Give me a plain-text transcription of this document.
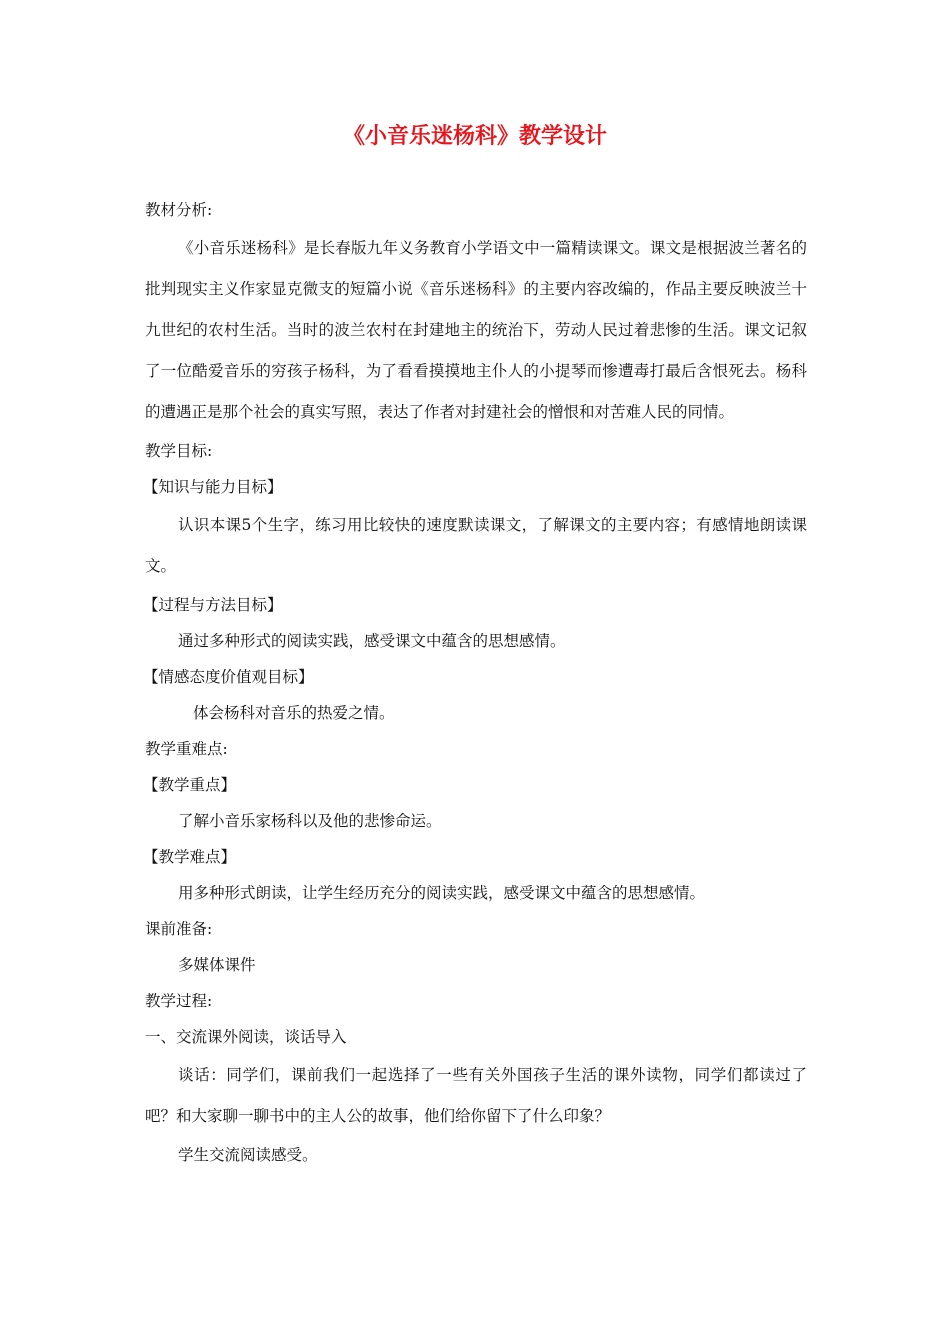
《小音乐迷杨科》教学设计

教材分析:

《小音乐迷杨科》是长春版九年义务教育小学语文中一篇精读课文。课文是根据波兰著名的批判现实主义作家显克微支的短篇小说《音乐迷杨科》的主要内容改编的，作品主要反映波兰十九世纪的农村生活。当时的波兰农村在封建地主的统治下，劳动人民过着悲惨的生活。课文记叙了一位酷爱音乐的穷孩子杨科，为了看看摸摸地主仆人的小提琴而惨遭毒打最后含恨死去。杨科的遭遇正是那个社会的真实写照，表达了作者对封建社会的憎恨和对苦难人民的同情。

教学目标:

【知识与能力目标】

认识本课5个生字，练习用比较快的速度默读课文，了解课文的主要内容；有感情地朗读课文。

【过程与方法目标】

通过多种形式的阅读实践，感受课文中蕴含的思想感情。

【情感态度价值观目标】

体会杨科对音乐的热爱之情。

教学重难点:

【教学重点】

了解小音乐家杨科以及他的悲惨命运。

【教学难点】

用多种形式朗读，让学生经历充分的阅读实践，感受课文中蕴含的思想感情。

课前准备:

多媒体课件

教学过程:

一、交流课外阅读，谈话导入

谈话：同学们，课前我们一起选择了一些有关外国孩子生活的课外读物，同学们都读过了吧？和大家聊一聊书中的主人公的故事，他们给你留下了什么印象？

学生交流阅读感受。
